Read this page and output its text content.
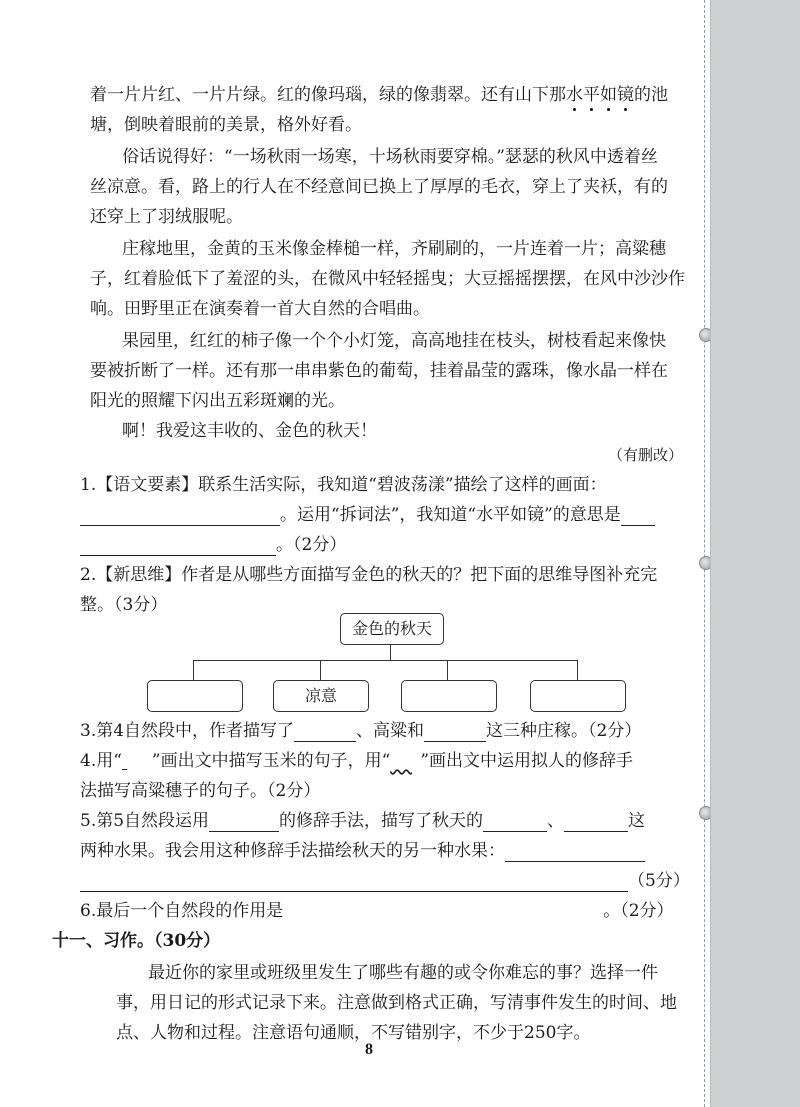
着一片片红、一片片绿。红的像玛瑙，绿的像翡翠。还有山下那水
平
如
镜
的池
塘，倒映着眼前的美景，格外好看。
俗话说得好：“一场秋雨一场寒，十场秋雨要穿棉。”瑟瑟的秋风中透着丝
丝凉意。看，路上的行人在不经意间已换上了厚厚的毛衣，穿上了夹袄，有的
还穿上了羽绒服呢。
庄稼地里，金黄的玉米像金棒槌一样，齐刷刷的，一片连着一片；高粱穗
子，红着脸低下了羞涩的头，在微风中轻轻摇曳；大豆摇摇摆摆，在风中沙沙作
响。田野里正在演奏着一首大自然的合唱曲。
果园里，红红的柿子像一个个小灯笼，高高地挂在枝头，树枝看起来像快
要被折断了一样。还有那一串串紫色的葡萄，挂着晶莹的露珠，像水晶一样在
阳光的照耀下闪出五彩斑斓的光。
啊！我爱这丰收的、金色的秋天！
（有删改）
1.【语文要素】联系生活实际，我知道“碧波荡漾”描绘了这样的画面：
。运用“拆词法”，我知道“水平如镜”的意思是
。（2分）
2.【新思维】作者是从哪些方面描写金色的秋天的？把下面的思维导图补充完
整。（3分）
金色的秋天
凉意
3.第4自然段中，作者描写了	、高粱和	这三种庄稼。（2分）
4.用“ ”画出文中描写玉米的句子，用“ ”画出文中运用拟人的修辞手
法描写高粱穗子的句子。（2分）
5.第5自然段运用	的修辞手法，描写了秋天的	、	这
两种水果。我会用这种修辞手法描绘秋天的另一种水果：
（5分）
6.最后一个自然段的作用是	。（2分）
十一、习作。（30分）
最近你的家里或班级里发生了哪些有趣的或令你难忘的事？选择一件
事，用日记的形式记录下来。注意做到格式正确，写清事件发生的时间、地
点、人物和过程。注意语句通顺，不写错别字，不少于250字。
8
